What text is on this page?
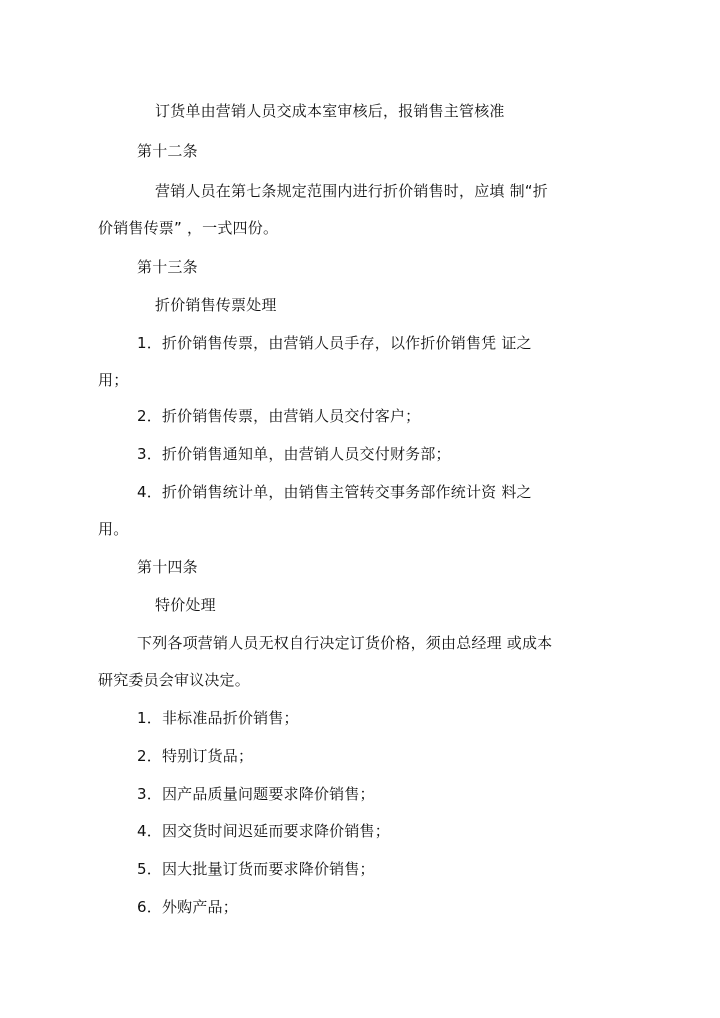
订货单由营销人员交成本室审核后，报销售主管核准
第十二条
营销人员在第七条规定范围内进行折价销售时，应填 制“折
价销售传票” ，一式四份。
第十三条
折价销售传票处理
1．折价销售传票，由营销人员手存，以作折价销售凭 证之
用；
2．折价销售传票，由营销人员交付客户；
3．折价销售通知单，由营销人员交付财务部；
4．折价销售统计单，由销售主管转交事务部作统计资 料之
用。
第十四条
特价处理
下列各项营销人员无权自行决定订货价格，须由总经理 或成本
研究委员会审议决定。
1．非标准品折价销售；
2．特别订货品；
3．因产品质量问题要求降价销售；
4．因交货时间迟延而要求降价销售；
5．因大批量订货而要求降价销售；
6．外购产品；
